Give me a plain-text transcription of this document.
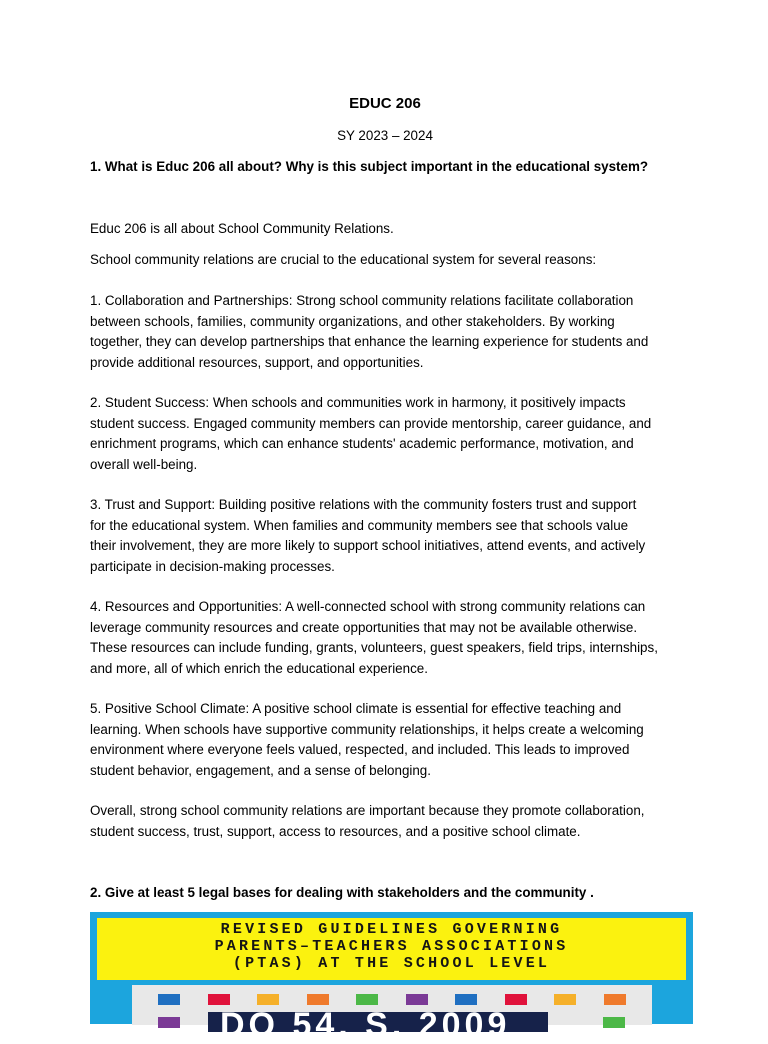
EDUC 206
SY 2023 – 2024
1. What is Educ 206 all about? Why is this subject important in the educational system?

Educ 206 is all about School Community Relations.

School community relations are crucial to the educational system for several reasons:

1. Collaboration and Partnerships: Strong school community relations facilitate collaboration
between schools, families, community organizations, and other stakeholders. By working
together, they can develop partnerships that enhance the learning experience for students and
provide additional resources, support, and opportunities.
2. Student Success: When schools and communities work in harmony, it positively impacts
student success. Engaged community members can provide mentorship, career guidance, and
enrichment programs, which can enhance students' academic performance, motivation, and
overall well-being.
3. Trust and Support: Building positive relations with the community fosters trust and support
for the educational system. When families and community members see that schools value
their involvement, they are more likely to support school initiatives, attend events, and actively
participate in decision-making processes.
4. Resources and Opportunities: A well-connected school with strong community relations can
leverage community resources and create opportunities that may not be available otherwise.
These resources can include funding, grants, volunteers, guest speakers, field trips, internships,
and more, all of which enrich the educational experience.
5. Positive School Climate: A positive school climate is essential for effective teaching and
learning. When schools have supportive community relationships, it helps create a welcoming
environment where everyone feels valued, respected, and included. This leads to improved
student behavior, engagement, and a sense of belonging.
Overall, strong school community relations are important because they promote collaboration,
student success, trust, support, access to resources, and a positive school climate.
2. Give at least 5 legal bases for dealing with stakeholders and the community .
REVISED GUIDELINES GOVERNING
PARENTS–TEACHERS ASSOCIATIONS
(PTAS) AT THE SCHOOL LEVEL
DO 54, S. 2009
